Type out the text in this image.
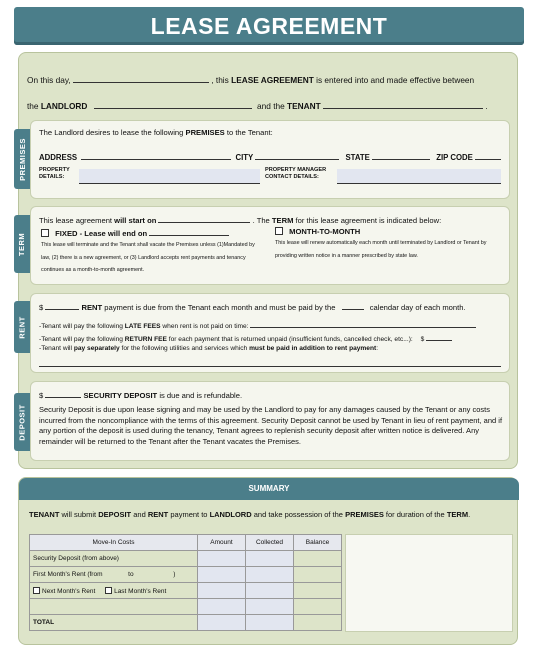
LEASE AGREEMENT
On this day,	, this LEASE AGREEMENT is entered into and made effective between
the LANDLORD	and the TENANT	.
PREMISES
The Landlord desires to lease the following PREMISES to the Tenant:
ADDRESS	CITY	STATE	ZIP CODE
PROPERTY
DETAILS:
PROPERTY MANAGER
CONTACT DETAILS:
TERM
This lease agreement will start on	. The TERM for this lease agreement is indicated below:
FIXED - Lease will end on
This lease will terminate and the Tenant shall vacate the Premises unless (1)Mandated by law, (2) there is a new agreement, or (3) Landlord accepts rent payments and tenancy continues as a month-to-month agreement.
MONTH-TO-MONTH
This lease will renew automatically each month until terminated by Landlord or Tenant by providing written notice in a manner prescribed by state law.
RENT
$	RENT payment is due from the Tenant each month and must be paid by the	calendar day of each month.
-Tenant will pay the following LATE FEES when rent is not paid on time:
-Tenant will pay the following RETURN FEE for each payment that is returned unpaid (insufficient funds, cancelled check, etc...): $
-Tenant will pay separately for the following utilities and services which must be paid in addition to rent payment:
DEPOSIT
$	SECURITY DEPOSIT is due and is refundable.
Security Deposit is due upon lease signing and may be used by the Landlord to pay for any damages caused by the Tenant or any costs incurred from the noncompliance with the terms of this agreement. Security Deposit cannot be used by Tenant in lieu of rent payment, and if any portion of the deposit is used during the tenancy, Tenant agrees to replenish security deposit after written notice is delivered. Any remainder will be returned to the Tenant after the Tenant vacates the Premises.
SUMMARY
TENANT will submit DEPOSIT and RENT payment to LANDLORD and take possession of the PREMISES for duration of the TERM.
Move-In Costs	Amount	Collected	Balance
Security Deposit (from above)			
First Month's Rent (from to )			
Next Month's Rent Last Month's Rent			

TOTAL			
